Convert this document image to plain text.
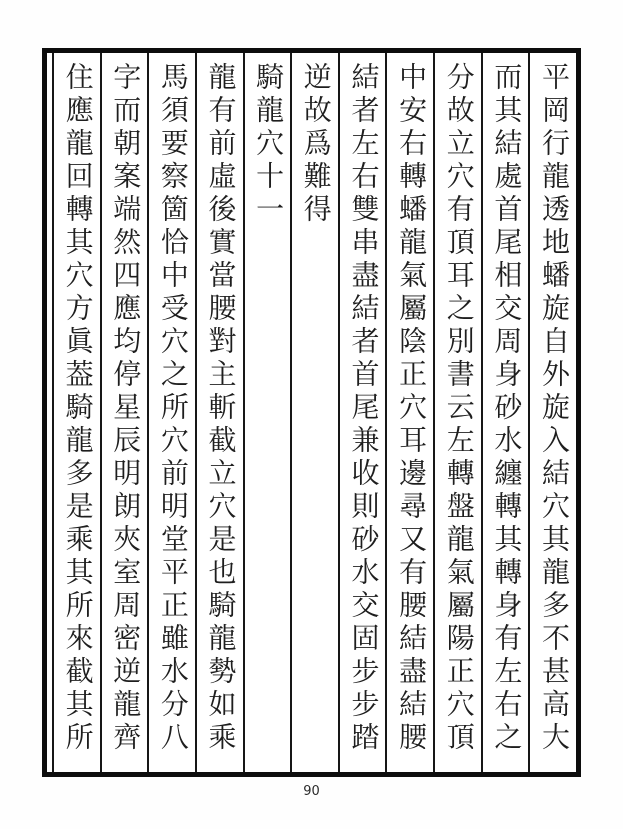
平岡行龍透地蟠旋自外旋入結穴其龍多不甚高大
而其結處首尾相交周身砂水纏轉其轉身有左右之
分故立穴有頂耳之別書云左轉盤龍氣屬陽正穴頂
中安右轉蟠龍氣屬陰正穴耳邊尋又有腰結盡結腰
結者左右雙串盡結者首尾兼收則砂水交固步步踏
逆故爲難得
騎龍穴十一
龍有前虛後實當腰對主斬截立穴是也騎龍勢如乘
馬須要察箇恰中受穴之所穴前明堂平正雖水分八
字而朝案端然四應均停星辰明朗夾室周密逆龍齊
住應龍回轉其穴方眞葢騎龍多是乘其所來截其所
90
